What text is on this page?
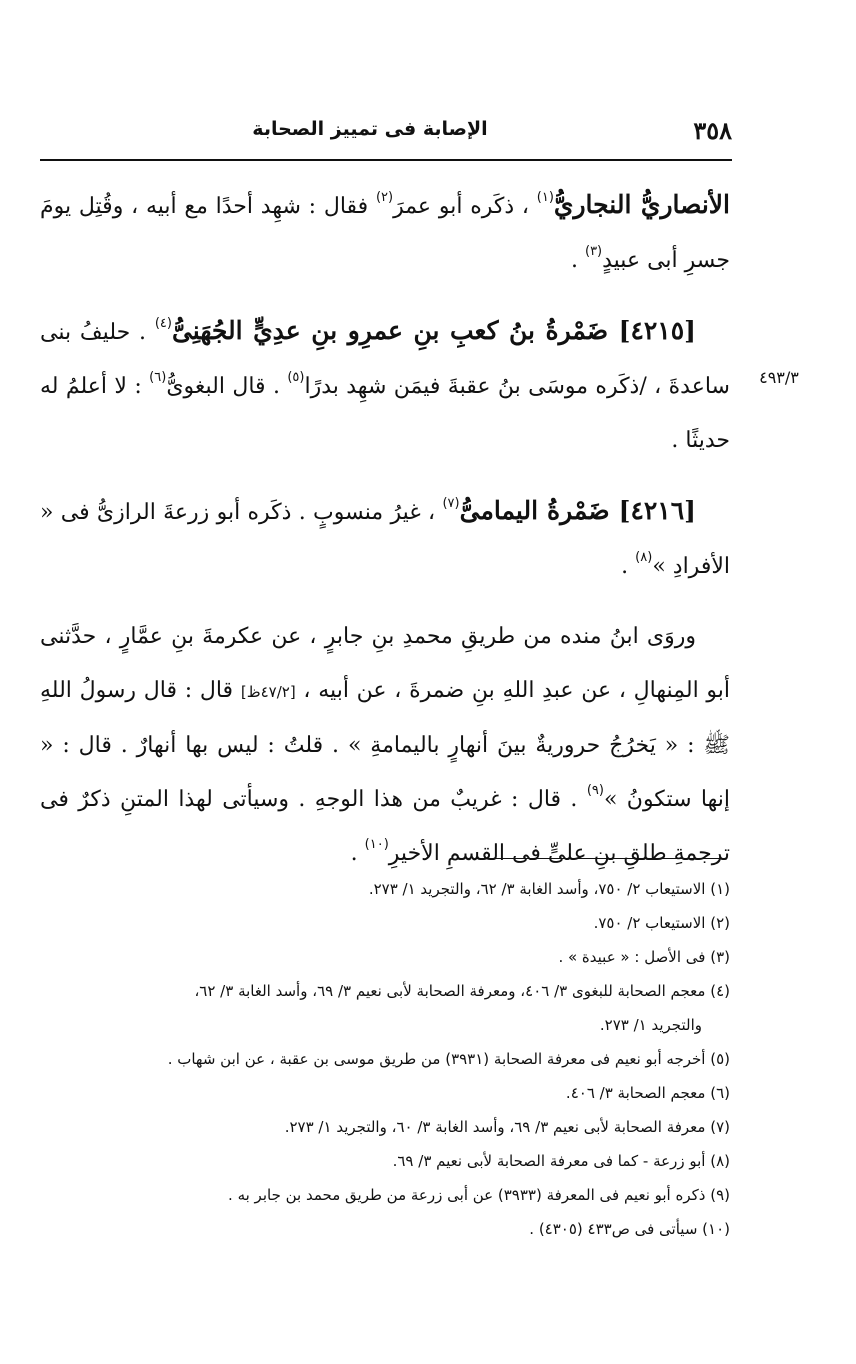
٣٥٨
الإصابة فى تمييز الصحابة
٤٩٣/٣

الأنصاريُّ النجاريُّ$^{(١)}$ ، ذكَره أبو عمرَ$^{(٢)}$ فقال : شهِد أحدًا مع أبيه ، وقُتِل يومَ جسرِ أبى عبيدٍ$^{(٣)}$ .

[٤٢١٥] ضَمْرةُ بنُ كعبِ بنِ عمرِو بنِ عدِيٍّ الجُهَنِىُّ$^{(٤)}$ . حليفُ بنى ساعدةَ ، /ذكَره موسَى بنُ عقبةَ فيمَن شهِد بدرًا$^{(٥)}$ . قال البغوىُّ$^{(٦)}$ : لا أعلمُ له حديثًا .

[٤٢١٦] ضَمْرةُ اليمامىُّ$^{(٧)}$ ، غيرُ منسوبٍ . ذكَره أبو زرعةَ الرازىُّ فى « الأفرادِ »$^{(٨)}$ .

وروَى ابنُ منده من طريقِ محمدِ بنِ جابرٍ ، عن عكرمةَ بنِ عمَّارٍ ، حدَّثنى أبو المِنهالِ ، عن عبدِ اللهِ بنِ ضمرةَ ، عن أبيه ، [٤٧/٢ظ] قال : قال رسولُ اللهِ ﷺ : « يَخرُجُ حروريةٌ بينَ أنهارٍ باليمامةِ » . قلتُ : ليس بها أنهارٌ . قال : « إنها ستكونُ »$^{(٩)}$ . قال : غريبٌ من هذا الوجهِ . وسيأتى لهذا المتنِ ذكرٌ فى ترجمةِ طلقِ بنِ علىٍّ فى القسمِ الأخيرِ$^{(١٠)}$ .

(١) الاستيعاب ٢/ ٧٥٠، وأسد الغابة ٣/ ٦٢، والتجريد ١/ ٢٧٣.
(٢) الاستيعاب ٢/ ٧٥٠.
(٣) فى الأصل : « عبيدة » .
(٤) معجم الصحابة للبغوى ٣/ ٤٠٦، ومعرفة الصحابة لأبى نعيم ٣/ ٦٩، وأسد الغابة ٣/ ٦٢،
والتجريد ١/ ٢٧٣.
(٥) أخرجه أبو نعيم فى معرفة الصحابة (٣٩٣١) من طريق موسى بن عقبة ، عن ابن شهاب .
(٦) معجم الصحابة ٣/ ٤٠٦.
(٧) معرفة الصحابة لأبى نعيم ٣/ ٦٩، وأسد الغابة ٣/ ٦٠، والتجريد ١/ ٢٧٣.
(٨) أبو زرعة - كما فى معرفة الصحابة لأبى نعيم ٣/ ٦٩.
(٩) ذكره أبو نعيم فى المعرفة (٣٩٣٣) عن أبى زرعة من طريق محمد بن جابر به .
(١٠) سيأتى فى ص٤٣٣ (٤٣٠٥) .
